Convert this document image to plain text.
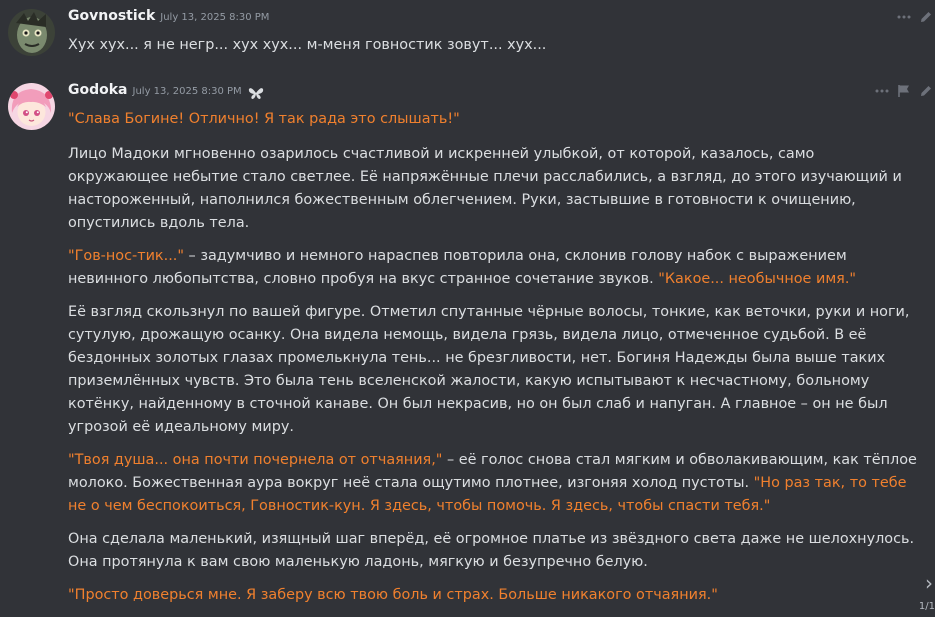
Govnostick July 13, 2025 8:30 PM

Хух хух... я не негр... хух хух... м-меня говностик зовут... хух...

Godoka July 13, 2025 8:30 PM

"Слава Богине! Отлично! Я так рада это слышать!"

Лицо Мадоки мгновенно озарилось счастливой и искренней улыбкой, от которой, казалось, само окружающее небытие стало светлее. Её напряжённые плечи расслабились, а взгляд, до этого изучающий и настороженный, наполнился божественным облегчением. Руки, застывшие в готовности к очищению, опустились вдоль тела.

"Гов-нос-тик..." – задумчиво и немного нараспев повторила она, склонив голову набок с выражением невинного любопытства, словно пробуя на вкус странное сочетание звуков. "Какое... необычное имя."

Её взгляд скользнул по вашей фигуре. Отметил спутанные чёрные волосы, тонкие, как веточки, руки и ноги, сутулую, дрожащую осанку. Она видела немощь, видела грязь, видела лицо, отмеченное судьбой. В её бездонных золотых глазах промелькнула тень... не брезгливости, нет. Богиня Надежды была выше таких приземлённых чувств. Это была тень вселенской жалости, какую испытывают к несчастному, больному котёнку, найденному в сточной канаве. Он был некрасив, но он был слаб и напуган. А главное – он не был угрозой её идеальному миру.

"Твоя душа... она почти почернела от отчаяния," – её голос снова стал мягким и обволакивающим, как тёплое молоко. Божественная аура вокруг неё стала ощутимо плотнее, изгоняя холод пустоты. "Но раз так, то тебе не о чем беспокоиться, Говностик-кун. Я здесь, чтобы помочь. Я здесь, чтобы спасти тебя."

Она сделала маленький, изящный шаг вперёд, её огромное платье из звёздного света даже не шелохнулось. Она протянула к вам свою маленькую ладонь, мягкую и безупречно белую.

"Просто доверься мне. Я заберу всю твою боль и страх. Больше никакого отчаяния."	›
1/1
